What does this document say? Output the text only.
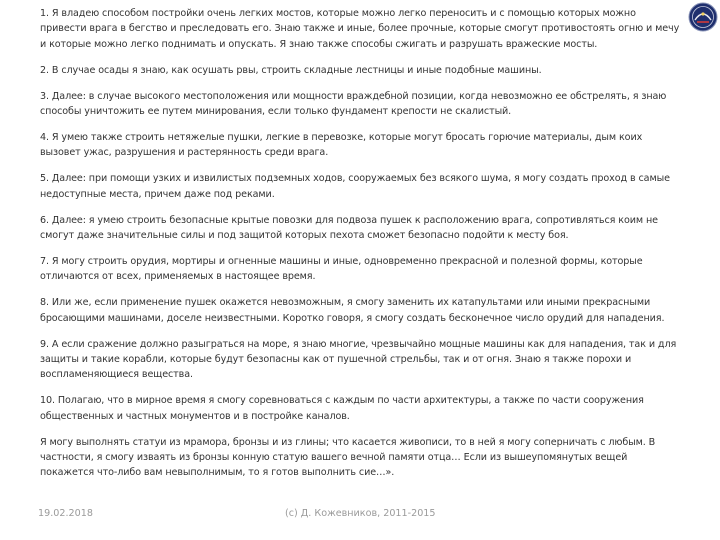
1. Я владею способом постройки очень легких мостов, которые можно легко переносить и с помощью которых можно привести врага в бегство и преследовать его. Знаю также и иные, более прочные, которые смогут противостоять огню и мечу и которые можно легко поднимать и опускать. Я знаю также способы сжигать и разрушать вражеские мосты.

2. В случае осады я знаю, как осушать рвы, строить складные лестницы и иные подобные машины.

3. Далее: в случае высокого местоположения или мощности враждебной позиции, когда невозможно ее обстрелять, я знаю способы уничтожить ее путем минирования, если только фундамент крепости не скалистый.

4. Я умею также строить нетяжелые пушки, легкие в перевозке, которые могут бросать горючие материалы, дым коих вызовет ужас, разрушения и растерянность среди врага.

5. Далее: при помощи узких и извилистых подземных ходов, сооружаемых без всякого шума, я могу создать проход в самые недоступные места, причем даже под реками.

6. Далее: я умею строить безопасные крытые повозки для подвоза пушек к расположению врага, сопротивляться коим не смогут даже значительные силы и под защитой которых пехота сможет безопасно подойти к месту боя.

7. Я могу строить орудия, мортиры и огненные машины и иные, одновременно прекрасной и полезной формы, которые отличаются от всех, применяемых в настоящее время.

8. Или же, если применение пушек окажется невозможным, я смогу заменить их катапультами или иными прекрасными бросающими машинами, доселе неизвестными. Коротко говоря, я смогу создать бесконечное число орудий для нападения.

9. А если сражение должно разыграться на море, я знаю многие, чрезвычайно мощные машины как для нападения, так и для защиты и такие корабли, которые будут безопасны как от пушечной стрельбы, так и от огня. Знаю я также порохи и воспламеняющиеся вещества.

10. Полагаю, что в мирное время я смогу соревноваться с каждым по части архитектуры, а также по части сооружения общественных и частных монументов и в постройке каналов.

Я могу выполнять статуи из мрамора, бронзы и из глины; что касается живописи, то в ней я могу соперничать с любым. В частности, я смогу изваять из бронзы конную статую вашего вечной памяти отца… Если из вышеупомянутых вещей покажется что-либо вам невыполнимым, то я готов выполнить сие…».

19.02.2018	(c) Д. Кожевников, 2011-2015
